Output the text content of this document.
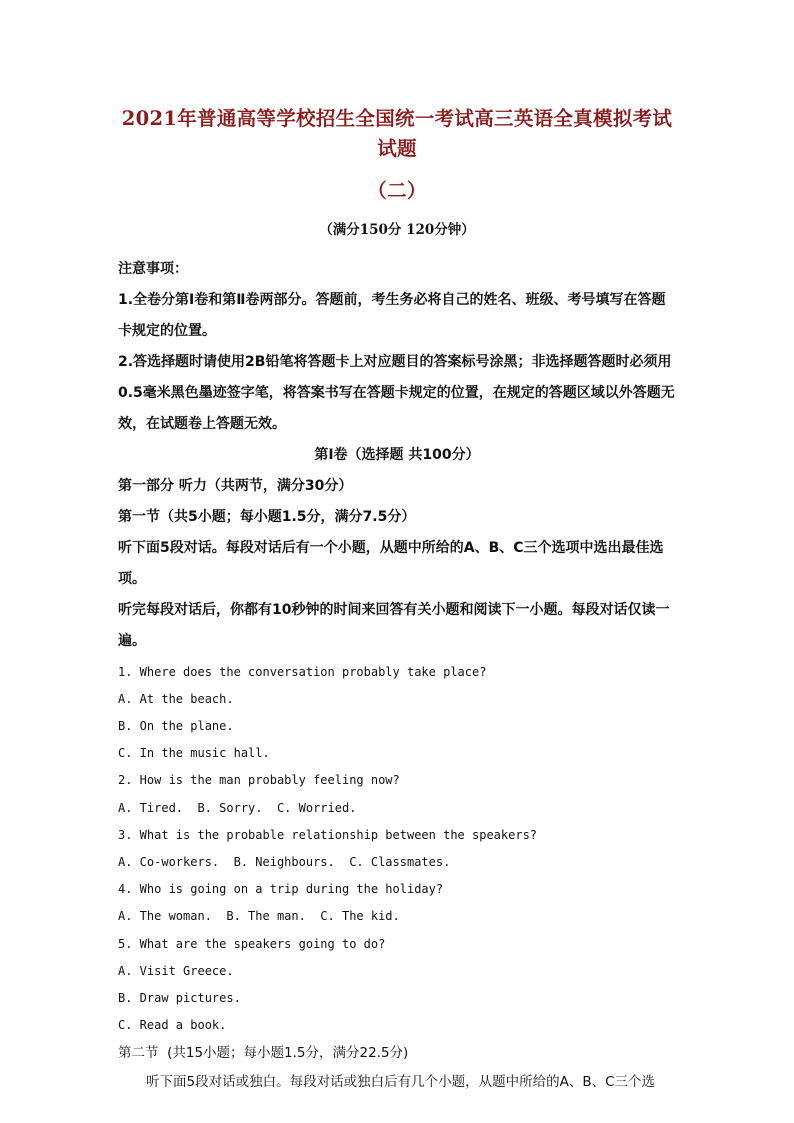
2021年普通高等学校招生全国统一考试高三英语全真模拟考试试题

（二）

（满分150分 120分钟）

注意事项：

1.全卷分第Ⅰ卷和第Ⅱ卷两部分。答题前，考生务必将自己的姓名、班级、考号填写在答题

卡规定的位置。

2.答选择题时请使用2B铅笔将答题卡上对应题目的答案标号涂黑；非选择题答题时必须用

0.5毫米黑色墨迹签字笔，将答案书写在答题卡规定的位置，在规定的答题区域以外答题无

效，在试题卷上答题无效。

第Ⅰ卷（选择题 共100分）

第一部分 听力（共两节，满分30分）

第一节（共5小题；每小题1.5分，满分7.5分）

听下面5段对话。每段对话后有一个小题，从题中所给的A、B、C三个选项中选出最佳选项。

听完每段对话后，你都有10秒钟的时间来回答有关小题和阅读下一小题。每段对话仅读一

遍。

1. Where does the conversation probably take place?

A. At the beach.

B. On the plane.

C. In the music hall.

2. How is the man probably feeling now?

A. Tired.  B. Sorry.  C. Worried.

3. What is the probable relationship between the speakers?

A. Co-workers.  B. Neighbours.  C. Classmates.

4. Who is going on a trip during the holiday?

A. The woman.  B. The man.  C. The kid.

5. What are the speakers going to do?

A. Visit Greece.

B. Draw pictures.

C. Read a book.

第二节  (共15小题；每小题1.5分，满分22.5分)

听下面5段对话或独白。每段对话或独白后有几个小题，从题中所给的A、B、C三个选
